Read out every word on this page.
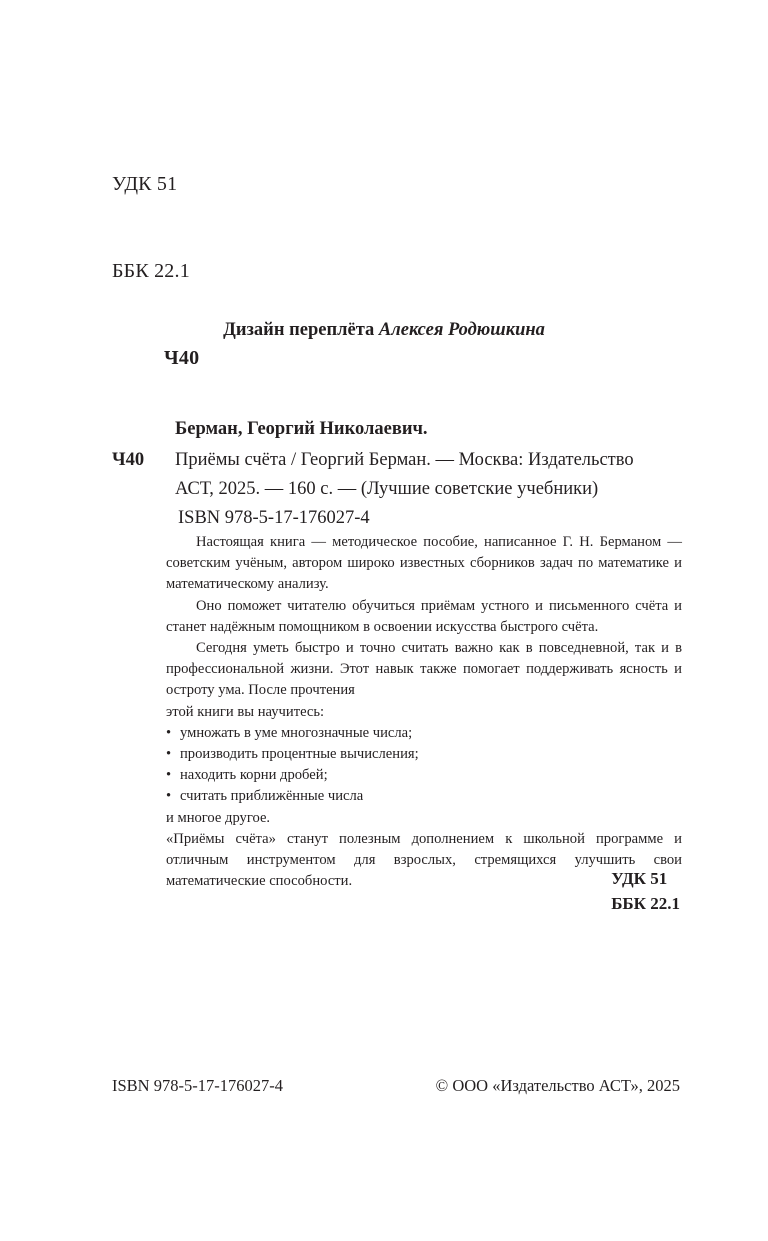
УДК 51

ББК 22.1

Ч40

Дизайн переплёта Алексея Родюшкина

Берман, Георгий Николаевич.

Ч40 Приёмы счёта / Георгий Берман. — Москва: Издательство
АСТ, 2025. — 160 с. — (Лучшие советские учебники)
ISBN 978-5-17-176027-4

Настоящая книга — методическое пособие, написанное Г. Н. Берманом — советским учёным, автором широко известных сборников задач по математике и математическому анализу.

Оно поможет читателю обучиться приёмам устного и письменного счёта и станет надёжным помощником в освоении искусства быстрого счёта.

Сегодня уметь быстро и точно считать важно как в повседневной, так и в профессиональной жизни. Этот навык также помогает поддерживать ясность и остроту ума. После прочтения

этой книги вы научитесь:

• умножать в уме многозначные числа;
• производить процентные вычисления;
• находить корни дробей;
• считать приближённые числа

и многое другое.

«Приёмы счёта» станут полезным дополнением к школьной программе и отличным инструментом для взрослых, стремящихся улучшить свои математические способности.	УДК 51
ББК 22.1
ISBN 978-5-17-176027-4	© ООО «Издательство АСТ», 2025
